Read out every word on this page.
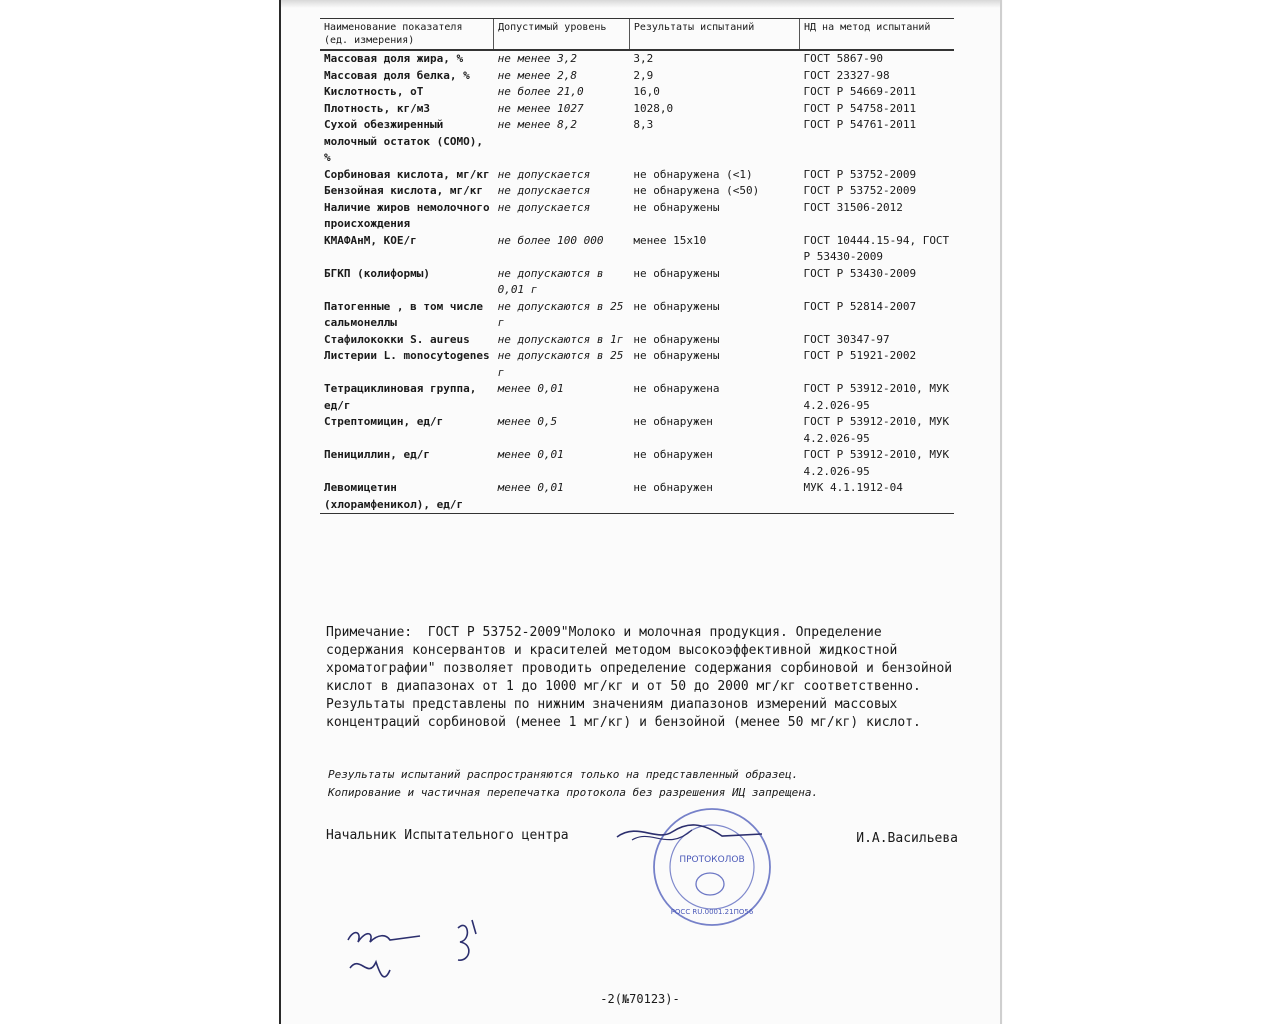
Наименование показателя (ед. измерения)	Допустимый уровень	Результаты испытаний	НД на метод испытаний
Массовая доля жира, %	не менее 3,2	3,2	ГОСТ 5867-90
Массовая доля белка, %	не менее 2,8	2,9	ГОСТ 23327-98
Кислотность, оТ	не более 21,0	16,0	ГОСТ Р 54669-2011
Плотность, кг/м3	не менее 1027	1028,0	ГОСТ Р 54758-2011
Сухой обезжиренный молочный остаток (СОМО), %	не менее 8,2	8,3	ГОСТ Р 54761-2011
Сорбиновая кислота, мг/кг	не допускается	не обнаружена (<1)	ГОСТ Р 53752-2009
Бензойная кислота, мг/кг	не допускается	не обнаружена (<50)	ГОСТ Р 53752-2009
Наличие жиров немолочного происхождения	не допускается	не обнаружены	ГОСТ 31506-2012
КМАФАнМ, КОЕ/г	не более 100 000	менее 15х10	ГОСТ 10444.15-94, ГОСТ Р 53430-2009
БГКП (колиформы)	не допускаются в 0,01 г	не обнаружены	ГОСТ Р 53430-2009
Патогенные , в том числе сальмонеллы	не допускаются в 25 г	не обнаружены	ГОСТ Р 52814-2007
Стафилококки S. aureus	не допускаются в 1г	не обнаружены	ГОСТ 30347-97
Листерии L. monocytogenes	не допускаются в 25 г	не обнаружены	ГОСТ Р 51921-2002
Тетрациклиновая группа, ед/г	менее 0,01	не обнаружена	ГОСТ Р 53912-2010, МУК 4.2.026-95
Стрептомицин, ед/г	менее 0,5	не обнаружен	ГОСТ Р 53912-2010, МУК 4.2.026-95
Пенициллин, ед/г	менее 0,01	не обнаружен	ГОСТ Р 53912-2010, МУК 4.2.026-95
Левомицетин (хлорамфеникол), ед/г	менее 0,01	не обнаружен	МУК 4.1.1912-04
Примечание:  ГОСТ Р 53752-2009"Молоко и молочная продукция. Определение содержания консервантов и красителей методом высокоэффективной жидкостной хроматографии" позволяет проводить определение содержания сорбиновой и бензойной кислот в диапазонах от 1 до 1000 мг/кг и от 50 до 2000 мг/кг соответственно. Результаты представлены по нижним значениям диапазонов измерений массовых концентраций сорбиновой (менее 1 мг/кг) и бензойной (менее 50 мг/кг) кислот.
Результаты испытаний распространяются только на представленный образец.
Копирование и частичная перепечатка протокола без разрешения ИЦ запрещена.
Начальник Испытательного центра	И.А.Васильева
ПРОТОКОЛОВ
РОСС RU.0001.21ПО56
-2(№70123)-
